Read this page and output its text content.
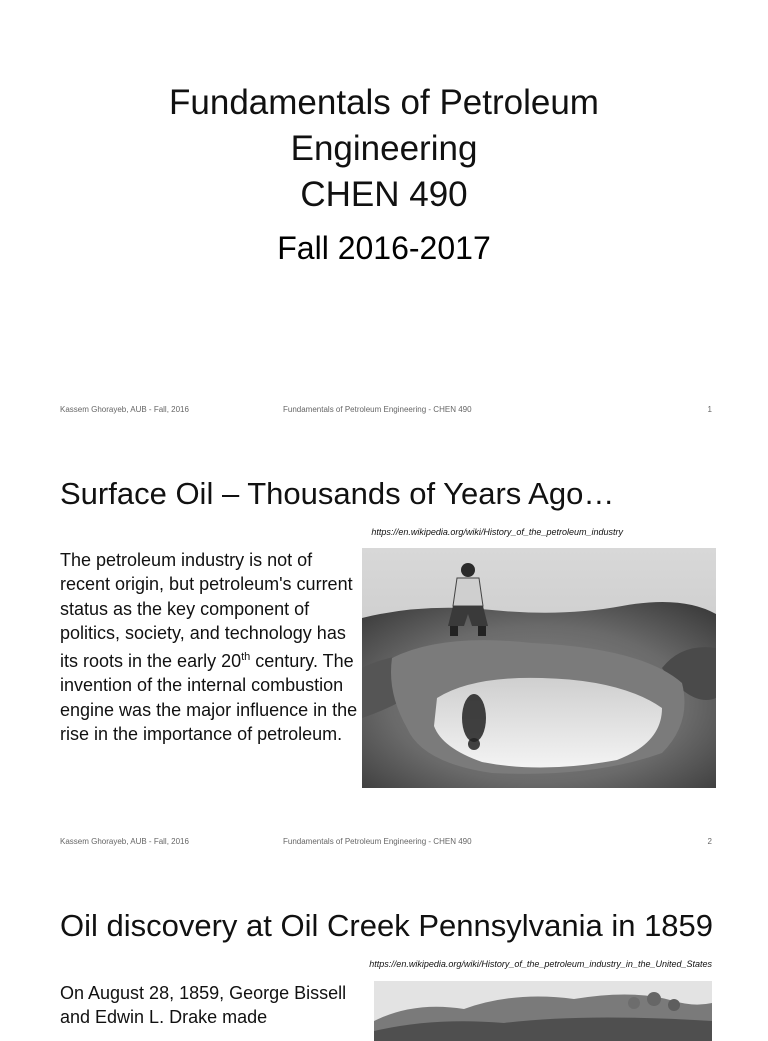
Fundamentals of Petroleum
Engineering
CHEN 490
Fall 2016-2017
Kassem Ghorayeb, AUB - Fall, 2016	Fundamentals of Petroleum Engineering - CHEN 490	1
Surface Oil – Thousands of Years Ago…
https://en.wikipedia.org/wiki/History_of_the_petroleum_industry
The petroleum industry is not of recent origin, but petroleum's current status as the key component of politics, society, and technology has its roots in the early 20th century. The invention of the internal combustion engine was the major influence in the rise in the importance of petroleum.
Kassem Ghorayeb, AUB - Fall, 2016	Fundamentals of Petroleum Engineering - CHEN 490	2
Oil discovery at Oil Creek Pennsylvania in 1859
https://en.wikipedia.org/wiki/History_of_the_petroleum_industry_in_the_United_States
On August 28, 1859, George Bissell and Edwin L. Drake made
